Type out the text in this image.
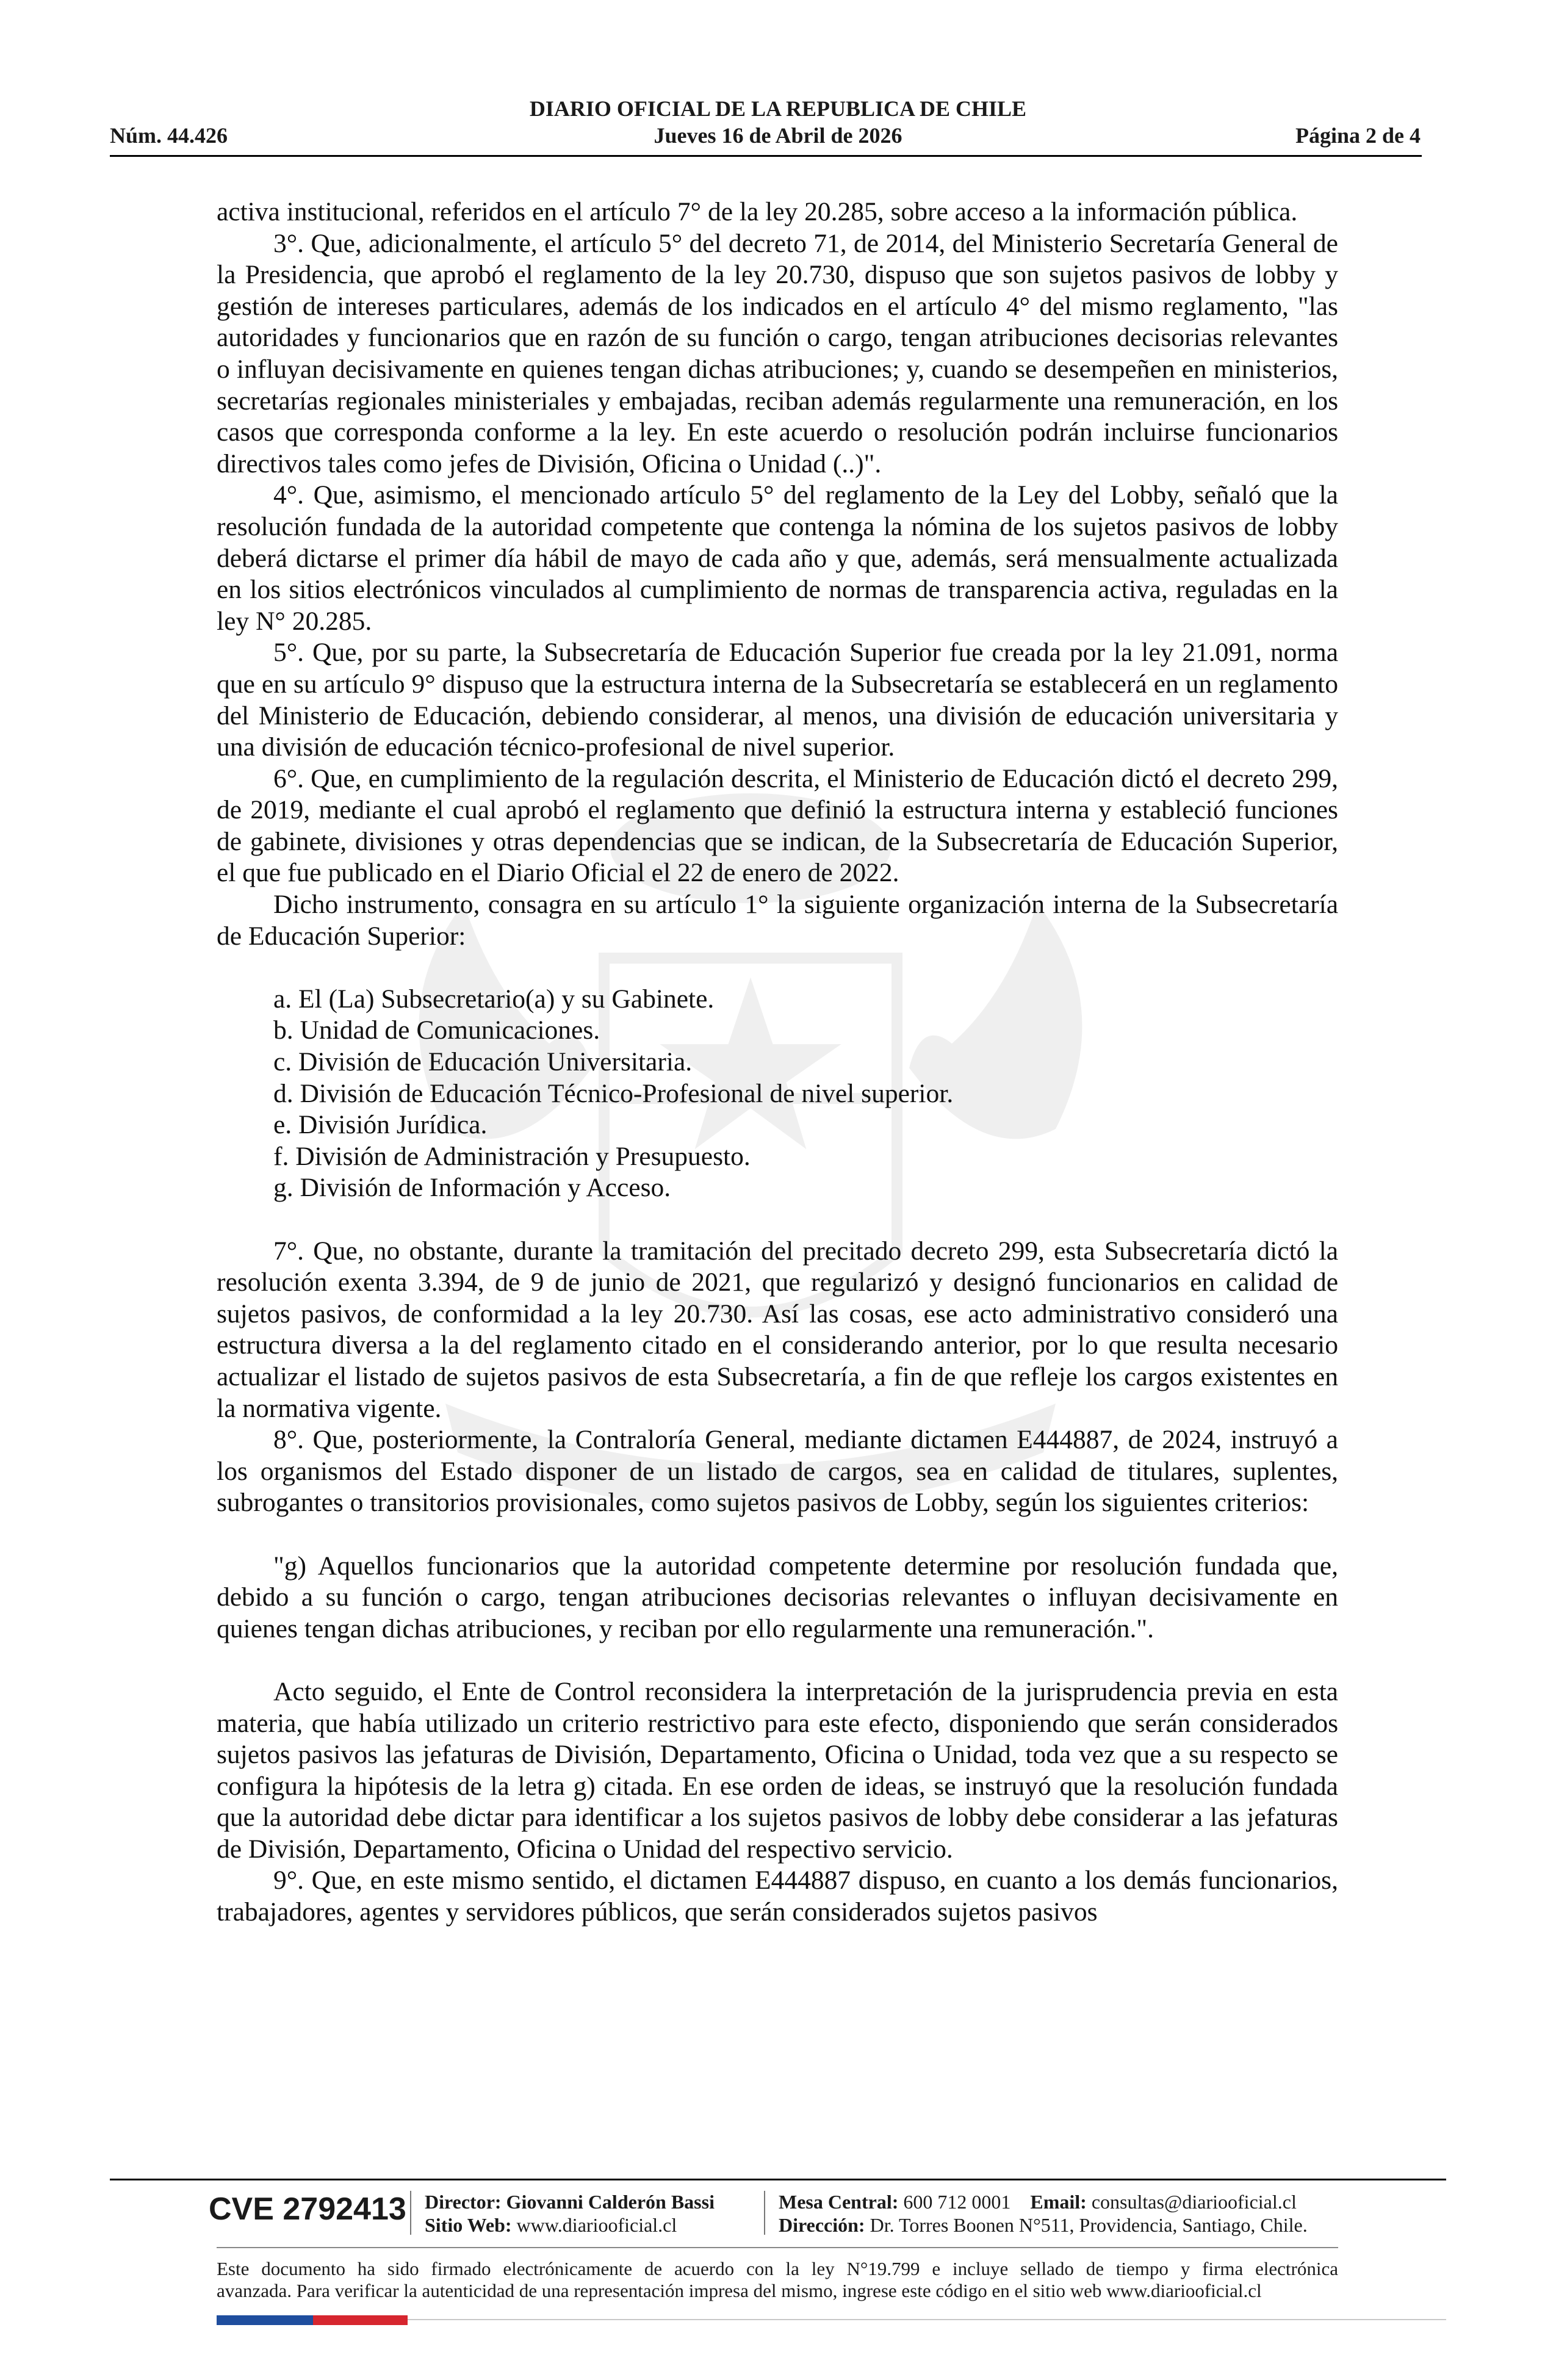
DIARIO OFICIAL DE LA REPUBLICA DE CHILE
Núm. 44.426	Jueves 16 de Abril de 2026	Página 2 de 4

activa institucional, referidos en el artículo 7° de la ley 20.285, sobre acceso a la información pública.

3°. Que, adicionalmente, el artículo 5° del decreto 71, de 2014, del Ministerio Secretaría General de la Presidencia, que aprobó el reglamento de la ley 20.730, dispuso que son sujetos pasivos de lobby y gestión de intereses particulares, además de los indicados en el artículo 4° del mismo reglamento, "las autoridades y funcionarios que en razón de su función o cargo, tengan atribuciones decisorias relevantes o influyan decisivamente en quienes tengan dichas atribuciones; y, cuando se desempeñen en ministerios, secretarías regionales ministeriales y embajadas, reciban además regularmente una remuneración, en los casos que corresponda conforme a la ley. En este acuerdo o resolución podrán incluirse funcionarios directivos tales como jefes de División, Oficina o Unidad (..)".

4°. Que, asimismo, el mencionado artículo 5° del reglamento de la Ley del Lobby, señaló que la resolución fundada de la autoridad competente que contenga la nómina de los sujetos pasivos de lobby deberá dictarse el primer día hábil de mayo de cada año y que, además, será mensualmente actualizada en los sitios electrónicos vinculados al cumplimiento de normas de transparencia activa, reguladas en la ley N° 20.285.

5°. Que, por su parte, la Subsecretaría de Educación Superior fue creada por la ley 21.091, norma que en su artículo 9° dispuso que la estructura interna de la Subsecretaría se establecerá en un reglamento del Ministerio de Educación, debiendo considerar, al menos, una división de educación universitaria y una división de educación técnico-profesional de nivel superior.

6°. Que, en cumplimiento de la regulación descrita, el Ministerio de Educación dictó el decreto 299, de 2019, mediante el cual aprobó el reglamento que definió la estructura interna y estableció funciones de gabinete, divisiones y otras dependencias que se indican, de la Subsecretaría de Educación Superior, el que fue publicado en el Diario Oficial el 22 de enero de 2022.

Dicho instrumento, consagra en su artículo 1° la siguiente organización interna de la Subsecretaría de Educación Superior:

a. El (La) Subsecretario(a) y su Gabinete.
b. Unidad de Comunicaciones.
c. División de Educación Universitaria.
d. División de Educación Técnico-Profesional de nivel superior.
e. División Jurídica.
f. División de Administración y Presupuesto.
g. División de Información y Acceso.

7°. Que, no obstante, durante la tramitación del precitado decreto 299, esta Subsecretaría dictó la resolución exenta 3.394, de 9 de junio de 2021, que regularizó y designó funcionarios en calidad de sujetos pasivos, de conformidad a la ley 20.730. Así las cosas, ese acto administrativo consideró una estructura diversa a la del reglamento citado en el considerando anterior, por lo que resulta necesario actualizar el listado de sujetos pasivos de esta Subsecretaría, a fin de que refleje los cargos existentes en la normativa vigente.

8°. Que, posteriormente, la Contraloría General, mediante dictamen E444887, de 2024, instruyó a los organismos del Estado disponer de un listado de cargos, sea en calidad de titulares, suplentes, subrogantes o transitorios provisionales, como sujetos pasivos de Lobby, según los siguientes criterios:

"g) Aquellos funcionarios que la autoridad competente determine por resolución fundada que, debido a su función o cargo, tengan atribuciones decisorias relevantes o influyan decisivamente en quienes tengan dichas atribuciones, y reciban por ello regularmente una remuneración.".

Acto seguido, el Ente de Control reconsidera la interpretación de la jurisprudencia previa en esta materia, que había utilizado un criterio restrictivo para este efecto, disponiendo que serán considerados sujetos pasivos las jefaturas de División, Departamento, Oficina o Unidad, toda vez que a su respecto se configura la hipótesis de la letra g) citada. En ese orden de ideas, se instruyó que la resolución fundada que la autoridad debe dictar para identificar a los sujetos pasivos de lobby debe considerar a las jefaturas de División, Departamento, Oficina o Unidad del respectivo servicio.

9°. Que, en este mismo sentido, el dictamen E444887 dispuso, en cuanto a los demás funcionarios, trabajadores, agentes y servidores públicos, que serán considerados sujetos pasivos

CVE 2792413 Director: Giovanni Calderón Bassi
Sitio Web: www.diariooficial.cl
Mesa Central: 600 712 0001 Email: consultas@diariooficial.cl
Dirección: Dr. Torres Boonen N°511, Providencia, Santiago, Chile.
Este documento ha sido firmado electrónicamente de acuerdo con la ley N°19.799 e incluye sellado de tiempo y firma electrónica
avanzada. Para verificar la autenticidad de una representación impresa del mismo, ingrese este código en el sitio web www.diariooficial.cl
